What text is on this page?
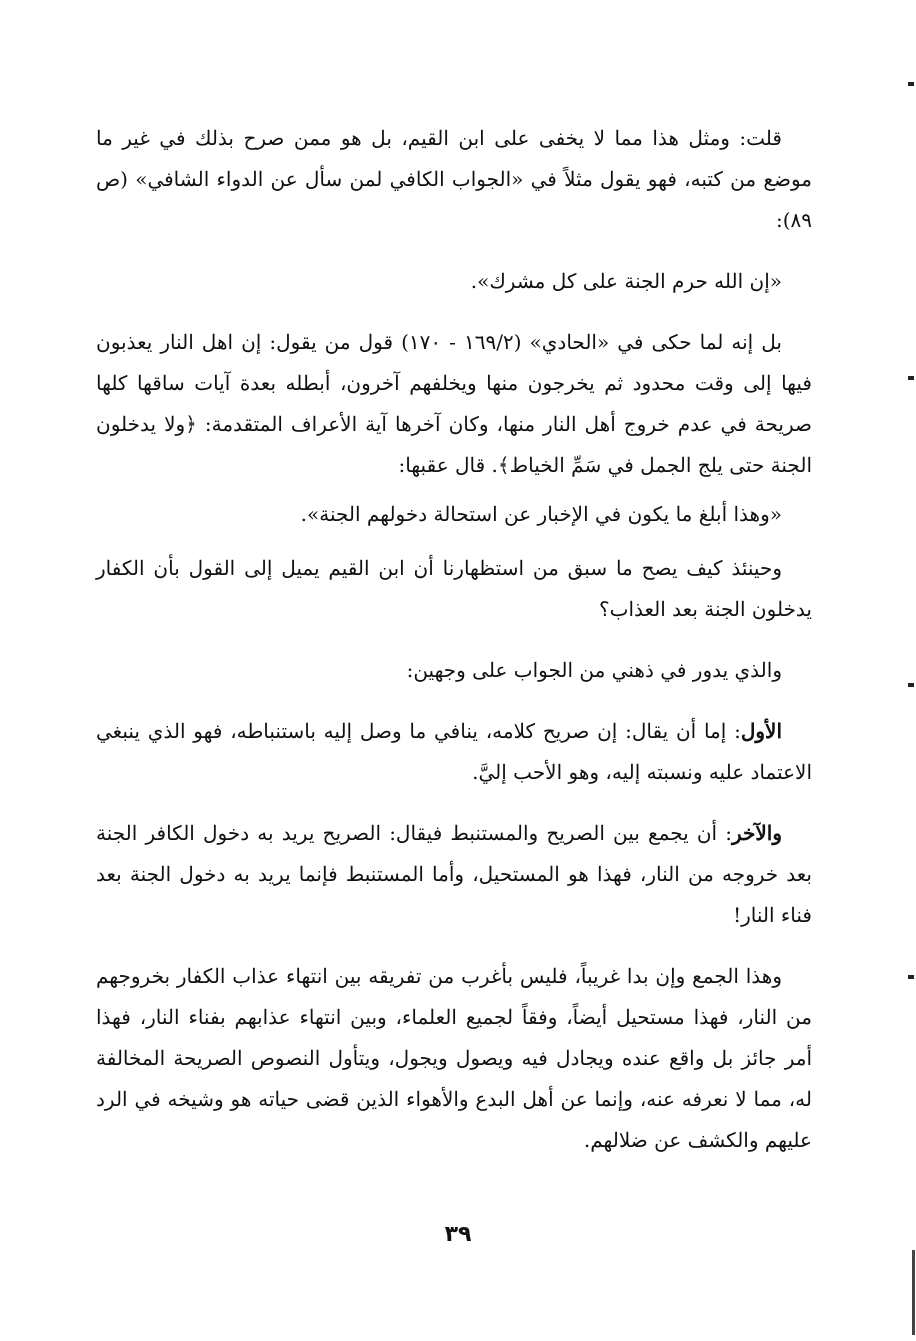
قلت: ومثل هذا مما لا يخفى على ابن القيم، بل هو ممن صرح بذلك في غير ما موضع من كتبه، فهو يقول مثلاً في «الجواب الكافي لمن سأل عن الدواء الشافي» (ص ٨٩):

«إن الله حرم الجنة على كل مشرك».

بل إنه لما حكى في «الحادي» (١٦٩/٢ - ١٧٠) قول من يقول: إن اهل النار يعذبون فيها إلى وقت محدود ثم يخرجون منها ويخلفهم آخرون، أبطله بعدة آيات ساقها كلها صريحة في عدم خروج أهل النار منها، وكان آخرها آية الأعراف المتقدمة: ﴿ولا يدخلون الجنة حتى يلج الجمل في سَمِّ الخياط﴾. قال عقبها:

«وهذا أبلغ ما يكون في الإخبار عن استحالة دخولهم الجنة».

وحينئذ كيف يصح ما سبق من استظهارنا أن ابن القيم يميل إلى القول بأن الكفار يدخلون الجنة بعد العذاب؟

والذي يدور في ذهني من الجواب على وجهين:

الأول: إما أن يقال: إن صريح كلامه، ينافي ما وصل إليه باستنباطه، فهو الذي ينبغي الاعتماد عليه ونسبته إليه، وهو الأحب إليَّ.

والآخر: أن يجمع بين الصريح والمستنبط فيقال: الصريح يريد به دخول الكافر الجنة بعد خروجه من النار، فهذا هو المستحيل، وأما المستنبط فإنما يريد به دخول الجنة بعد فناء النار!

وهذا الجمع وإن بدا غريباً، فليس بأغرب من تفريقه بين انتهاء عذاب الكفار بخروجهم من النار، فهذا مستحيل أيضاً، وفقاً لجميع العلماء، وبين انتهاء عذابهم بفناء النار، فهذا أمر جائز بل واقع عنده ويجادل فيه ويصول ويجول، ويتأول النصوص الصريحة المخالفة له، مما لا نعرفه عنه، وإنما عن أهل البدع والأهواء الذين قضى حياته هو وشيخه في الرد عليهم والكشف عن ضلالهم.

٣٩
